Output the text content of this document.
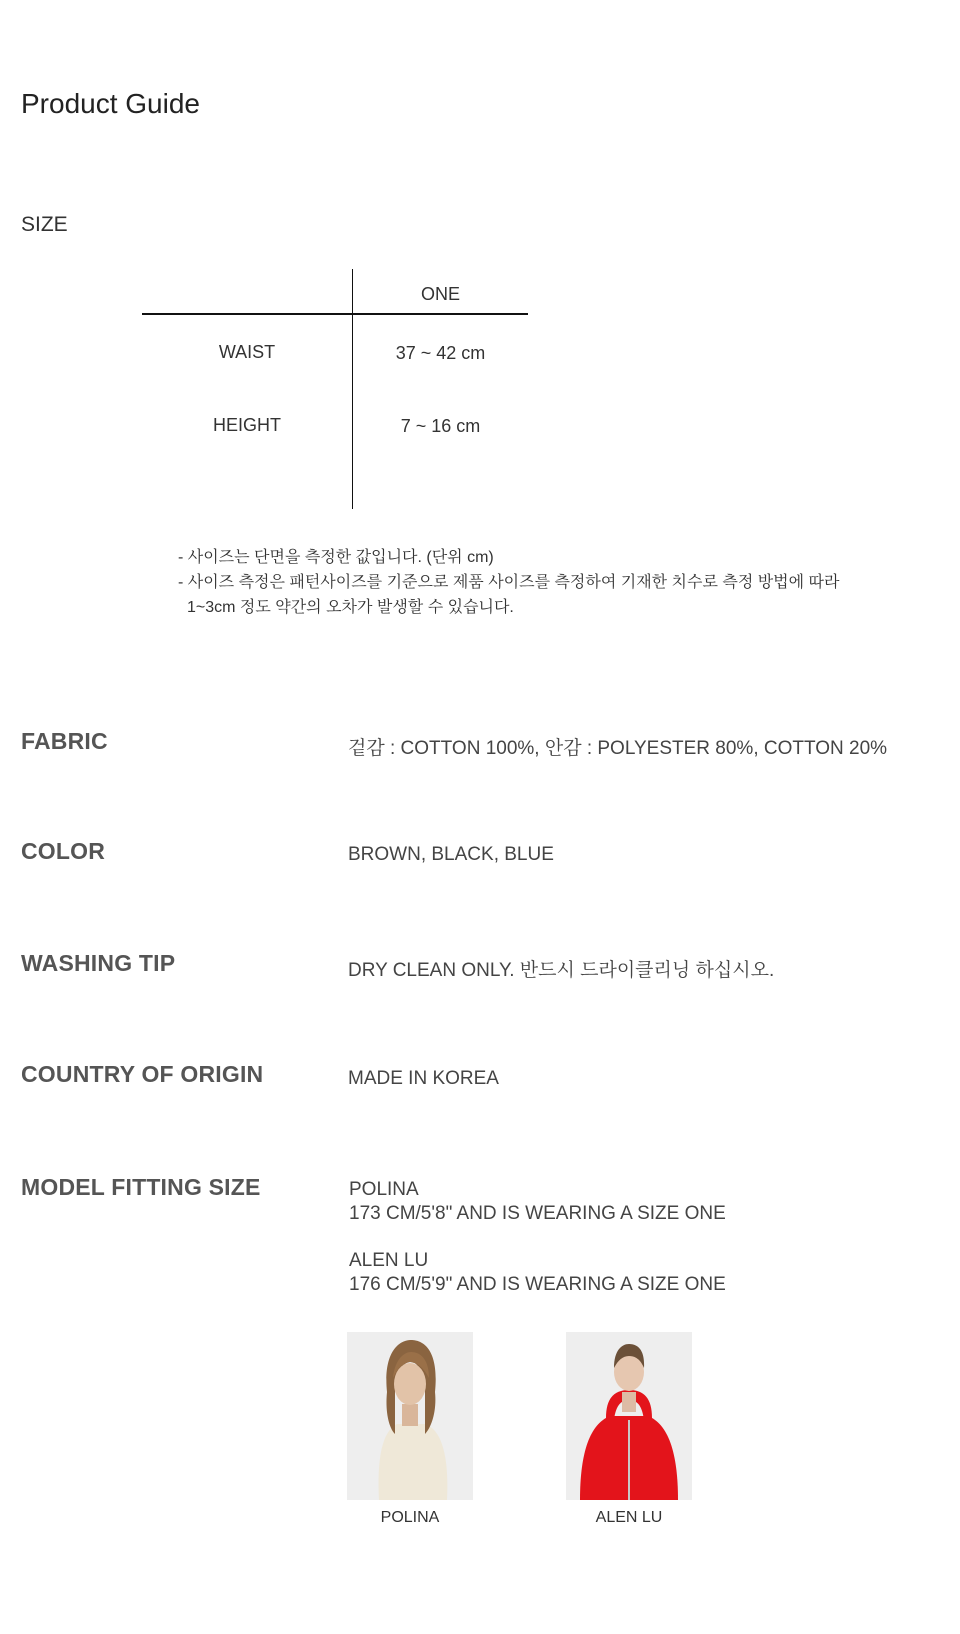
Product Guide
SIZE
ONE
WAIST	37 ~ 42 cm
HEIGHT	7 ~ 16 cm
- 사이즈는 단면을 측정한 값입니다. (단위 cm)
- 사이즈 측정은 패턴사이즈를 기준으로 제품 사이즈를 측정하여 기재한 치수로 측정 방법에 따라
1~3cm 정도 약간의 오차가 발생할 수 있습니다.
FABRIC	겉감 : COTTON 100%, 안감 : POLYESTER 80%, COTTON 20%
COLOR	BROWN, BLACK, BLUE
WASHING TIP	DRY CLEAN ONLY. 반드시 드라이클리닝 하십시오.
COUNTRY OF ORIGIN	MADE IN KOREA
MODEL FITTING SIZE	POLINA
173 CM/5'8" AND IS WEARING A SIZE ONE
ALEN LU
176 CM/5'9" AND IS WEARING A SIZE ONE
POLINA	ALEN LU
